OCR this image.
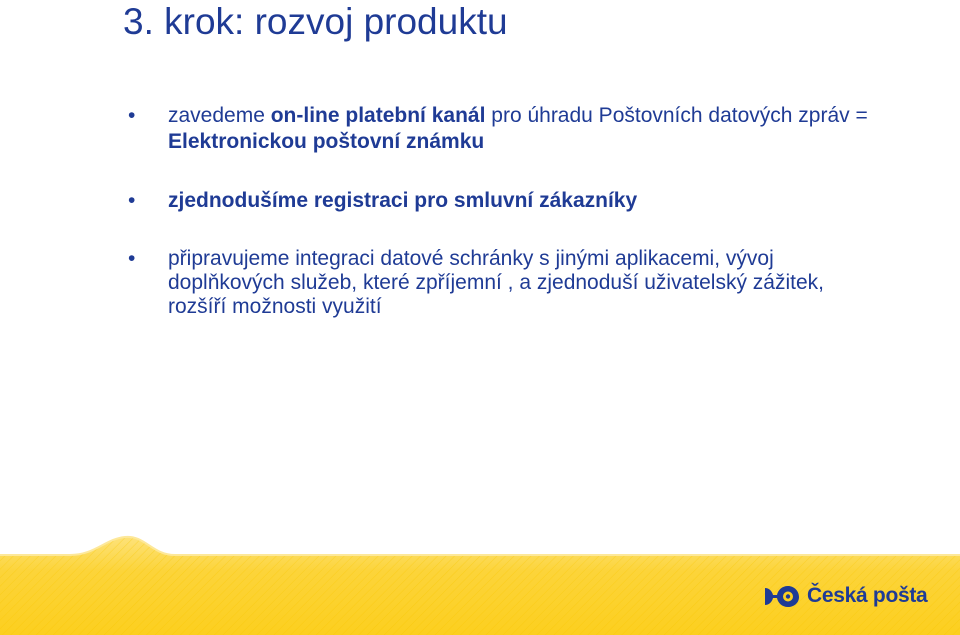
3. krok: rozvoj produktu
• zavedeme on-line platební kanál pro úhradu Poštovních datových zpráv = Elektronickou poštovní známku
• zjednodušíme registraci pro smluvní zákazníky
• připravujeme integraci datové schránky s jinými aplikacemi, vývoj doplňkových služeb, které zpříjemní , a zjednoduší uživatelský zážitek, rozšíří možnosti využití
Česká pošta
